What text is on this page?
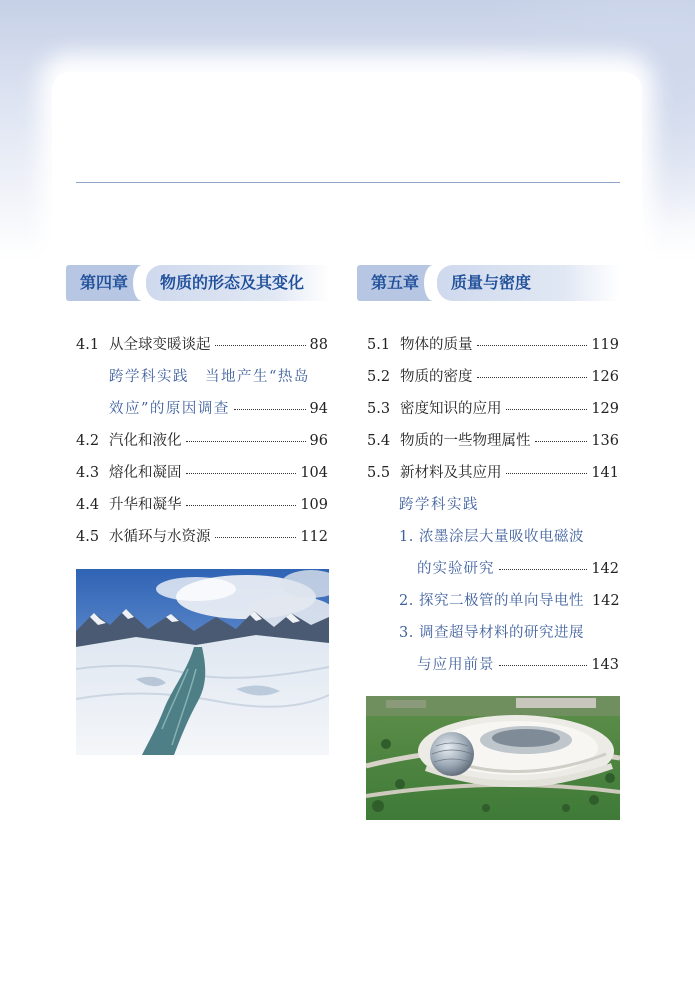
第四章	物质的形态及其变化	第五章	质量与密度
4.1 从全球变暖谈起	88
跨学科实践　当地产生“热岛
效应”的原因调查	94
4.2 汽化和液化	96
4.3 熔化和凝固	104
4.4 升华和凝华	109
4.5 水循环与水资源	112
5.1 物体的质量	119
5.2 物质的密度	126
5.3 密度知识的应用	129
5.4 物质的一些物理属性	136
5.5 新材料及其应用	141
跨学科实践
1. 浓墨涂层大量吸收电磁波
的实验研究	142
2. 探究二极管的单向导电性 142
3. 调查超导材料的研究进展
与应用前景	143
